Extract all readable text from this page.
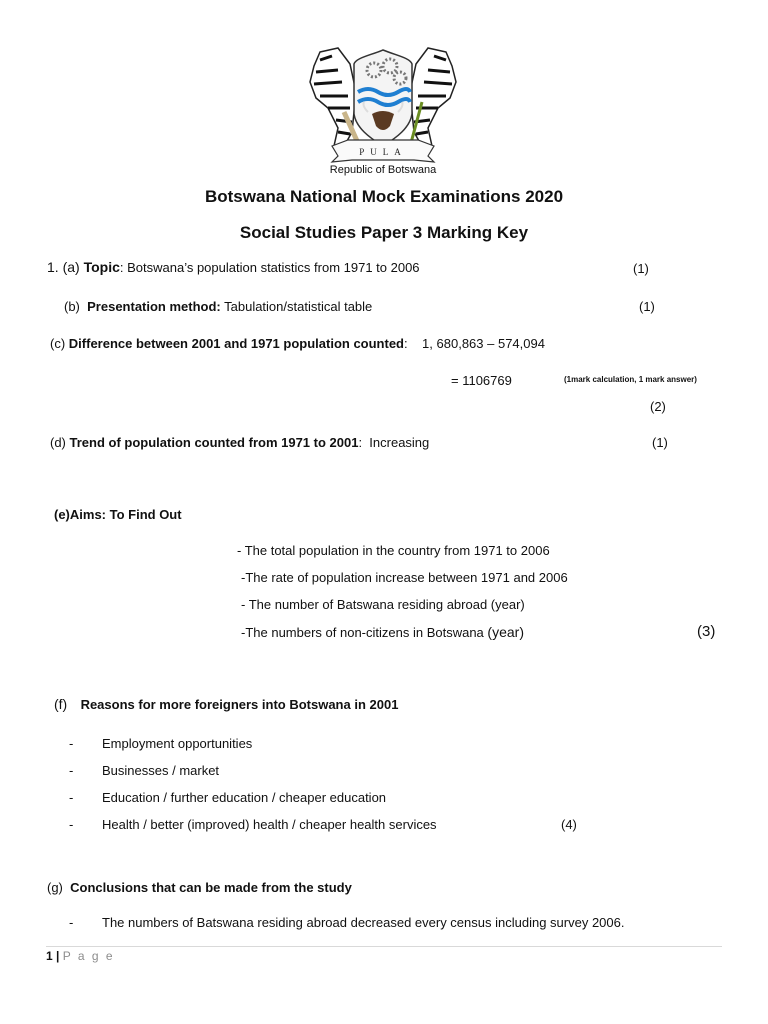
PULA
Republic of Botswana
Botswana National Mock Examinations 2020
Social Studies Paper 3 Marking Key
1. (a) Topic: Botswana’s population statistics from 1971 to 2006	(1)
(b) Presentation method: Tabulation/statistical table	(1)
(c) Difference between 2001 and 1971 population counted:    1, 680,863 – 574,094
= 1106769	(1mark calculation, 1 mark answer)
(2)
(d) Trend of population counted from 1971 to 2001:  Increasing	(1)
(e)Aims: To Find Out
- The total population in the country from 1971 to 2006
-The rate of population increase between 1971 and 2006
- The number of Batswana residing abroad (year)
-The numbers of non-citizens in Botswana (year)	(3)
(f) Reasons for more foreigners into Botswana in 2001
- Employment opportunities
- Businesses / market
- Education / further education / cheaper education
- Health / better (improved) health / cheaper health services	(4)
(g) Conclusions that can be made from the study
- The numbers of Batswana residing abroad decreased every census including survey 2006.
1 | P a g e
